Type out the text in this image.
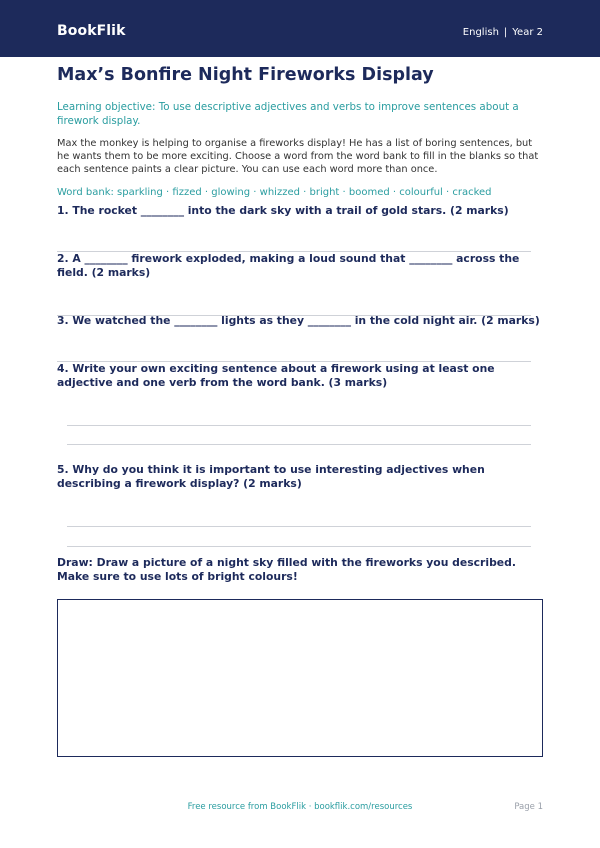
BookFlik	English | Year 2
Max’s Bonfire Night Fireworks Display
Learning objective: To use descriptive adjectives and verbs to improve sentences about a firework display.
Max the monkey is helping to organise a fireworks display! He has a list of boring sentences, but he wants them to be more exciting. Choose a word from the word bank to fill in the blanks so that each sentence paints a clear picture. You can use each word more than once.
Word bank: sparkling · fizzed · glowing · whizzed · bright · boomed · colourful · cracked
1. The rocket ________ into the dark sky with a trail of gold stars. (2 marks)
2. A ________ firework exploded, making a loud sound that ________ across the field. (2 marks)
3. We watched the ________ lights as they ________ in the cold night air. (2 marks)
4. Write your own exciting sentence about a firework using at least one adjective and one verb from the word bank. (3 marks)
5. Why do you think it is important to use interesting adjectives when describing a firework display? (2 marks)
Draw: Draw a picture of a night sky filled with the fireworks you described. Make sure to use lots of bright colours!
Free resource from BookFlik · bookflik.com/resources	Page 1
